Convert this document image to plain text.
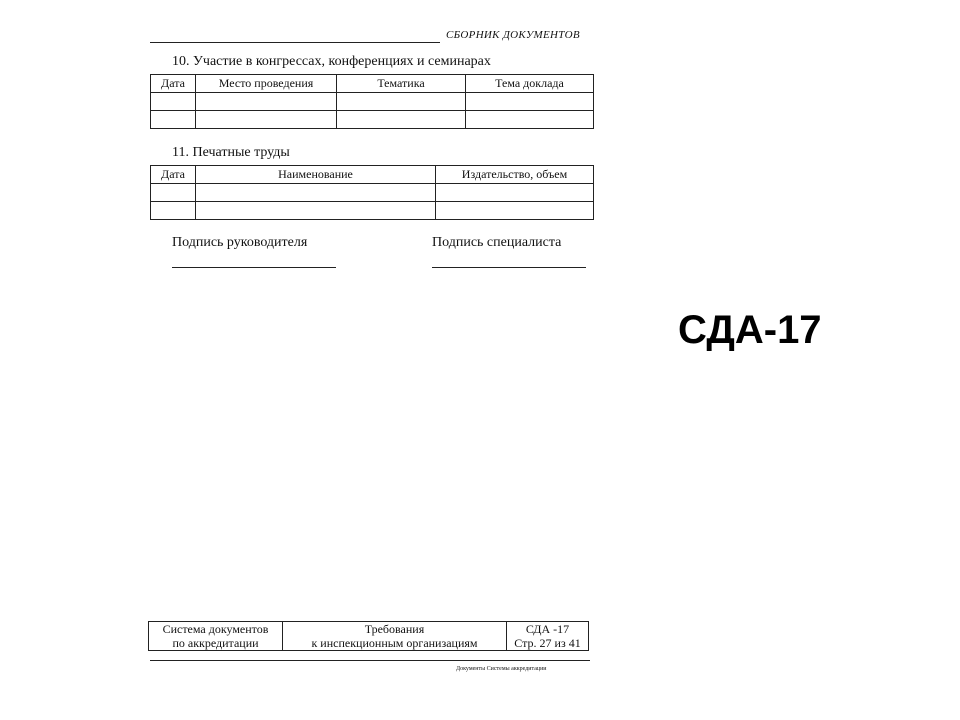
СБОРНИК ДОКУМЕНТОВ
10. Участие в конгрессах, конференциях и семинарах
Дата	Место проведения	Тематика	Тема доклада

11. Печатные труды
Дата	Наименование	Издательство, объем

Подпись руководителя	Подпись специалиста
СДА-17
Система документов
по аккредитации

Требования
к инспекционным организациям

СДА -17
Стр. 27 из 41
Документы Системы аккредитации
